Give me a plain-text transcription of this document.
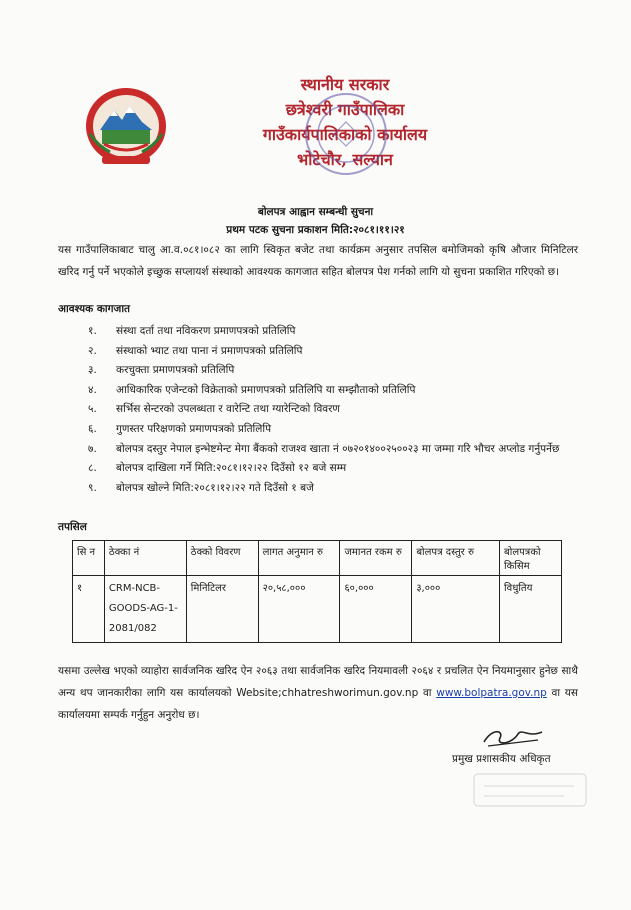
स्थानीय सरकार
छत्रेश्वरी गाउँपालिका
गाउँकार्यपालिकाको कार्यालय
भोटेचौर, सल्यान
बोलपत्र आह्वान सम्बन्धी सुचना
प्रथम पटक सुचना प्रकाशन मिति:२०८१।११।२१
यस गाउँपालिकाबाट चालु आ.व.०८१।०८२ का लागि स्विकृत बजेट तथा कार्यक्रम अनुसार तपसिल बमोजिमको कृषि औजार मिनिटिलर खरिद गर्नु पर्ने भएकोले इच्छुक सप्लायर्श संस्थाको आवश्यक कागजात सहित बोलपत्र पेश गर्नको लागि यो सुचना प्रकाशित गरिएको छ।
आवश्यक कागजात
१. संस्था दर्ता तथा नविकरण प्रमाणपत्रको प्रतिलिपि
२. संस्थाको भ्याट तथा पाना नं प्रमाणपत्रको प्रतिलिपि
३. करचुक्ता प्रमाणपत्रको प्रतिलिपि
४. आधिकारिक एजेन्टको विक्रेताको प्रमाणपत्रको प्रतिलिपि या सम्झौताको प्रतिलिपि
५. सर्भिस सेन्टरको उपलब्धता र वारेन्टि तथा ग्यारेन्टिको विवरण
६. गुणस्तर परिक्षणको प्रमाणपत्रको प्रतिलिपि
७. बोलपत्र दस्तुर नेपाल इन्भेष्टमेन्ट मेगा बैंकको राजश्व खाता नं ०७२०१४००२५००२३ मा जम्मा गरि भौचर अप्लोड गर्नुपर्नेछ
८. बोलपत्र दाखिला गर्ने मिति:२०८१।१२।२२ दिउँसो १२ बजे सम्म
९. बोलपत्र खोल्ने मिति:२०८१।१२।२२ गते दिउँसो १ बजे
तपसिल
सि न	ठेक्का नं	ठेक्को विवरण	लागत अनुमान रु	जमानत रकम रु	बोलपत्र दस्तुर रु	बोलपत्रको किसिम
१	CRM-NCB-GOODS-AG-1-2081/082	मिनिटिलर	२०,५८,०००	६०,०००	३,०००	विधुतिय
यसमा उल्लेख भएको व्याहोरा सार्वजनिक खरिद ऐन २०६३ तथा सार्वजनिक खरिद नियमावली २०६४ र प्रचलित ऐन नियमानुसार हुनेछ साथै अन्य थप जानकारीका लागि यस कार्यालयको Website;chhatreshworimun.gov.np वा www.bolpatra.gov.np वा यस कार्यालयमा सम्पर्क गर्नुहुन अनुरोध छ।
प्रमुख प्रशासकीय अधिकृत
